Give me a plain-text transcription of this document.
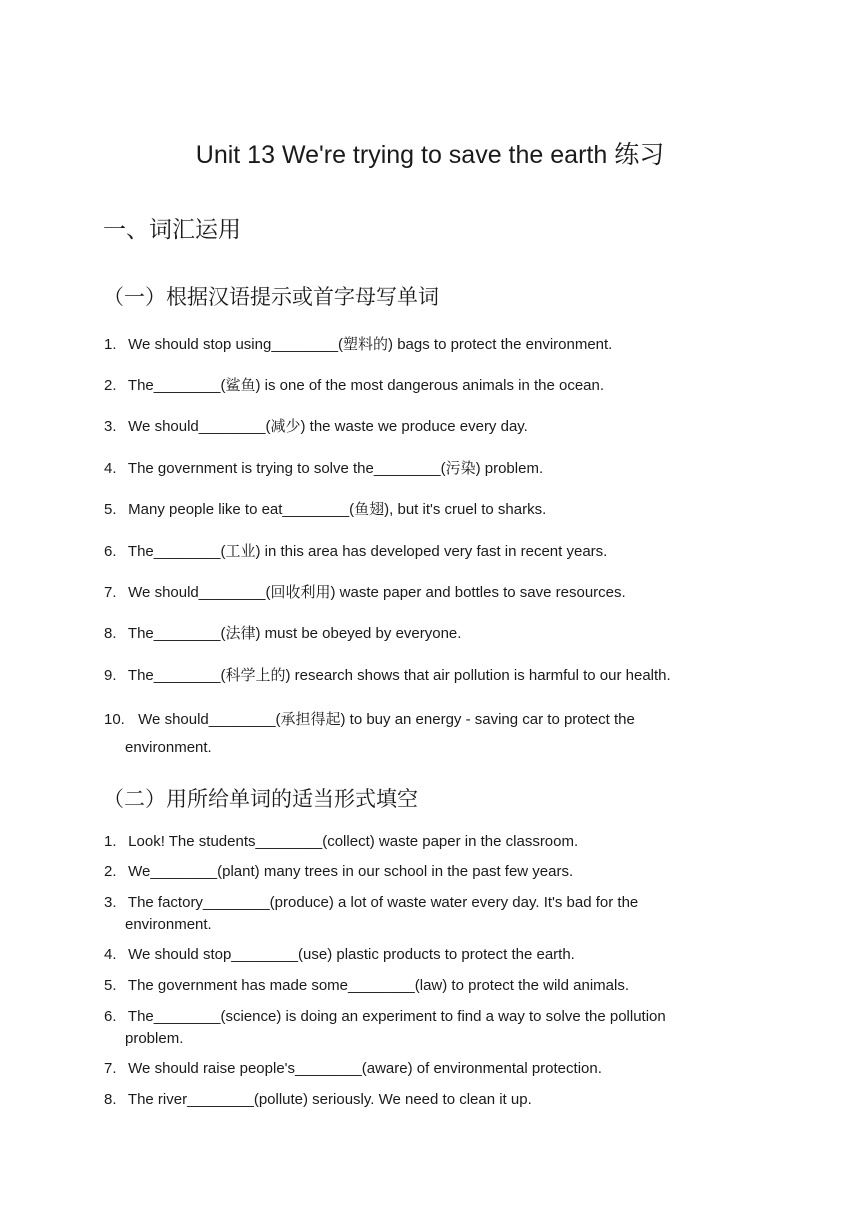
Unit 13 We're trying to save the earth 练习
一、词汇运用
（一）根据汉语提示或首字母写单词
1. We should stop using________(塑料的) bags to protect the environment.
2. The________(鲨鱼) is one of the most dangerous animals in the ocean.
3. We should________(减少) the waste we produce every day.
4. The government is trying to solve the________(污染) problem.
5. Many people like to eat________(鱼翅), but it's cruel to sharks.
6. The________(工业) in this area has developed very fast in recent years.
7. We should________(回收利用) waste paper and bottles to save resources.
8. The________(法律) must be obeyed by everyone.
9. The________(科学上的) research shows that air pollution is harmful to our health.
10. We should________(承担得起) to buy an energy - saving car to protect the
environment.
（二）用所给单词的适当形式填空
1. Look! The students________(collect) waste paper in the classroom.
2. We________(plant) many trees in our school in the past few years.
3. The factory________(produce) a lot of waste water every day. It's bad for the
environment.
4. We should stop________(use) plastic products to protect the earth.
5. The government has made some________(law) to protect the wild animals.
6. The________(science) is doing an experiment to find a way to solve the pollution
problem.
7. We should raise people's________(aware) of environmental protection.
8. The river________(pollute) seriously. We need to clean it up.
